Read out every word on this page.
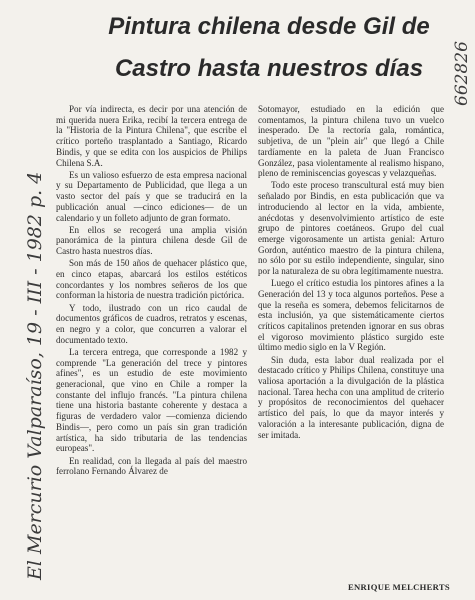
Pintura chilena desde Gil de
Castro hasta nuestros días

Por vía indirecta, es decir por una atención de mi querida nuera Erika, recibí la tercera entrega de la "Historia de la Pintura Chilena", que escribe el crítico porteño trasplantado a Santiago, Ricardo Bindis, y que se edita con los auspicios de Philips Chilena S.A.

Es un valioso esfuerzo de esta empresa nacional y su Departamento de Publicidad, que llega a un vasto sector del país y que se traducirá en la publicación anual —cinco ediciones— de un calendario y un folleto adjunto de gran formato.

En ellos se recogerá una amplia visión panorámica de la pintura chilena desde Gil de Castro hasta nuestros días.

Son más de 150 años de quehacer plástico que, en cinco etapas, abarcará los estilos estéticos concordantes y los nombres señeros de los que conforman la historia de nuestra tradición pictórica.

Y todo, ilustrado con un rico caudal de documentos gráficos de cuadros, retratos y escenas, en negro y a color, que concurren a valorar el documentado texto.

La tercera entrega, que corresponde a 1982 y comprende "La generación del trece y pintores afines", es un estudio de este movimiento generacional, que vino en Chile a romper la constante del influjo francés. "La pintura chilena tiene una historia bastante coherente y destaca a figuras de verdadero valor —comienza diciendo Bindis—, pero como un país sin gran tradición artística, ha sido tributaria de las tendencias europeas".

En realidad, con la llegada al país del maestro ferrolano Fernando Álvarez de

Sotomayor, estudiado en la edición que comentamos, la pintura chilena tuvo un vuelco inesperado. De la rectoría gala, romántica, subjetiva, de un "plein air" que llegó a Chile tardíamente en la paleta de Juan Francisco González, pasa violentamente al realismo hispano, pleno de reminiscencias goyescas y velazqueñas.

Todo este proceso transcultural está muy bien señalado por Bindis, en esta publicación que va introduciendo al lector en la vida, ambiente, anécdotas y desenvolvimiento artístico de este grupo de pintores coetáneos. Grupo del cual emerge vigorosamente un artista genial: Arturo Gordon, auténtico maestro de la pintura chilena, no sólo por su estilo independiente, singular, sino por la naturaleza de su obra legítimamente nuestra.

Luego el crítico estudia los pintores afines a la Generación del 13 y toca algunos porteños. Pese a que la reseña es somera, debemos felicitarnos de esta inclusión, ya que sistemáticamente ciertos críticos capitalinos pretenden ignorar en sus obras el vigoroso movimiento plástico surgido este último medio siglo en la V Región.

Sin duda, esta labor dual realizada por el destacado crítico y Philips Chilena, constituye una valiosa aportación a la divulgación de la plástica nacional. Tarea hecha con una amplitud de criterio y propósitos de reconocimientos del quehacer artístico del país, lo que da mayor interés y valoración a la interesante publicación, digna de ser imitada.

ENRIQUE MELCHERTS
El Mercurio Valparaíso, 19 - III - 1982 p. 4
662826
